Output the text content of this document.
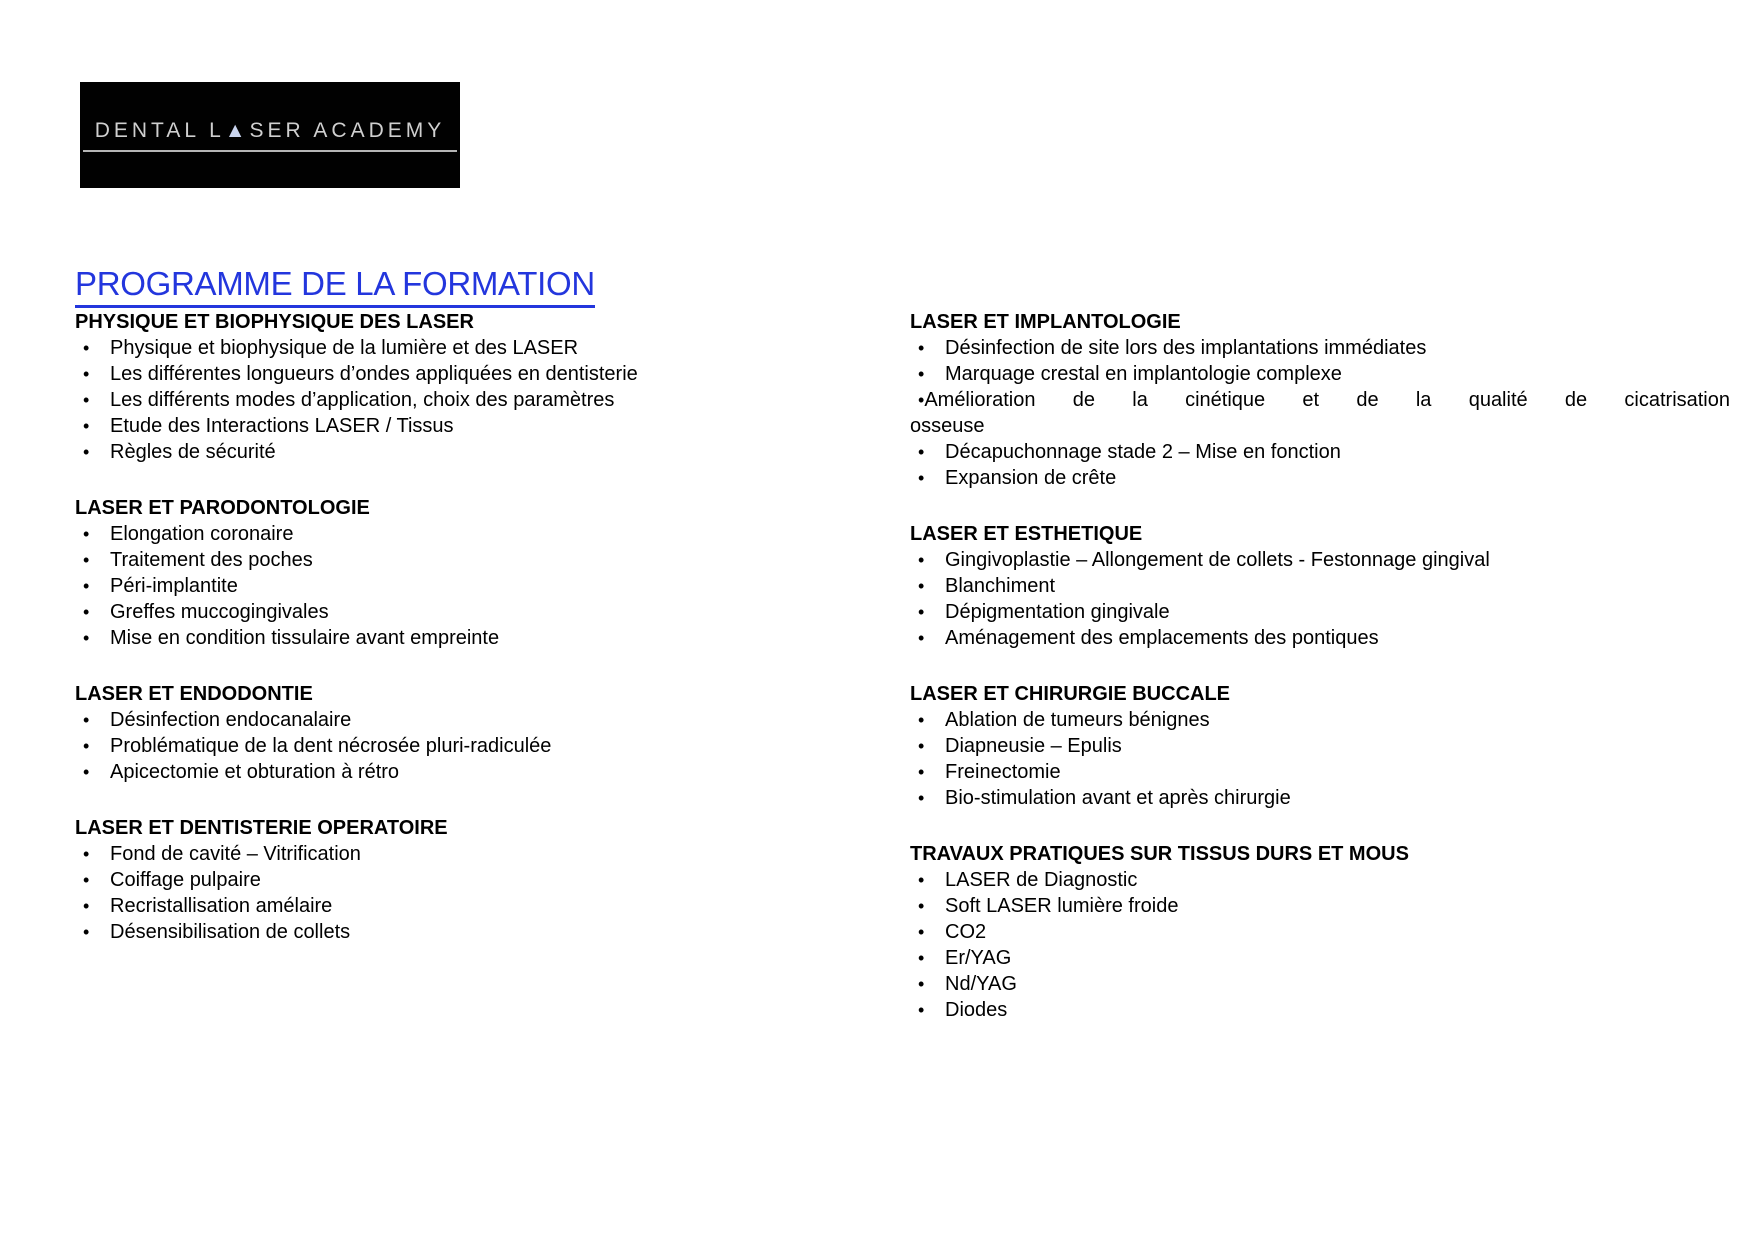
DENTAL L▲SER ACADEMY
PROGRAMME DE LA FORMATION
PHYSIQUE ET BIOPHYSIQUE DES LASER
• Physique et biophysique de la lumière et des LASER
• Les différentes longueurs d’ondes appliquées en dentisterie
• Les différents modes d’application, choix des paramètres
• Etude des Interactions LASER / Tissus
• Règles de sécurité
LASER ET PARODONTOLOGIE
• Elongation coronaire
• Traitement des poches
• Péri-implantite
• Greffes muccogingivales
• Mise en condition tissulaire avant empreinte
LASER ET ENDODONTIE
• Désinfection endocanalaire
• Problématique de la dent nécrosée pluri-radiculée
• Apicectomie et obturation à rétro
LASER ET DENTISTERIE OPERATOIRE
• Fond de cavité – Vitrification
• Coiffage pulpaire
• Recristallisation amélaire
• Désensibilisation de collets
LASER ET IMPLANTOLOGIE
• Désinfection de site lors des implantations immédiates
• Marquage crestal en implantologie complexe
•Amélioration de la cinétique et de la qualité de cicatrisation
osseuse
• Décapuchonnage stade 2 – Mise en fonction
• Expansion de crête
LASER ET ESTHETIQUE
• Gingivoplastie – Allongement de collets - Festonnage gingival
• Blanchiment
• Dépigmentation gingivale
• Aménagement des emplacements des pontiques
LASER ET CHIRURGIE BUCCALE
• Ablation de tumeurs bénignes
• Diapneusie – Epulis
• Freinectomie
• Bio-stimulation avant et après chirurgie
TRAVAUX PRATIQUES SUR TISSUS DURS ET MOUS
• LASER de Diagnostic
• Soft LASER lumière froide
• CO2
• Er/YAG
• Nd/YAG
• Diodes
